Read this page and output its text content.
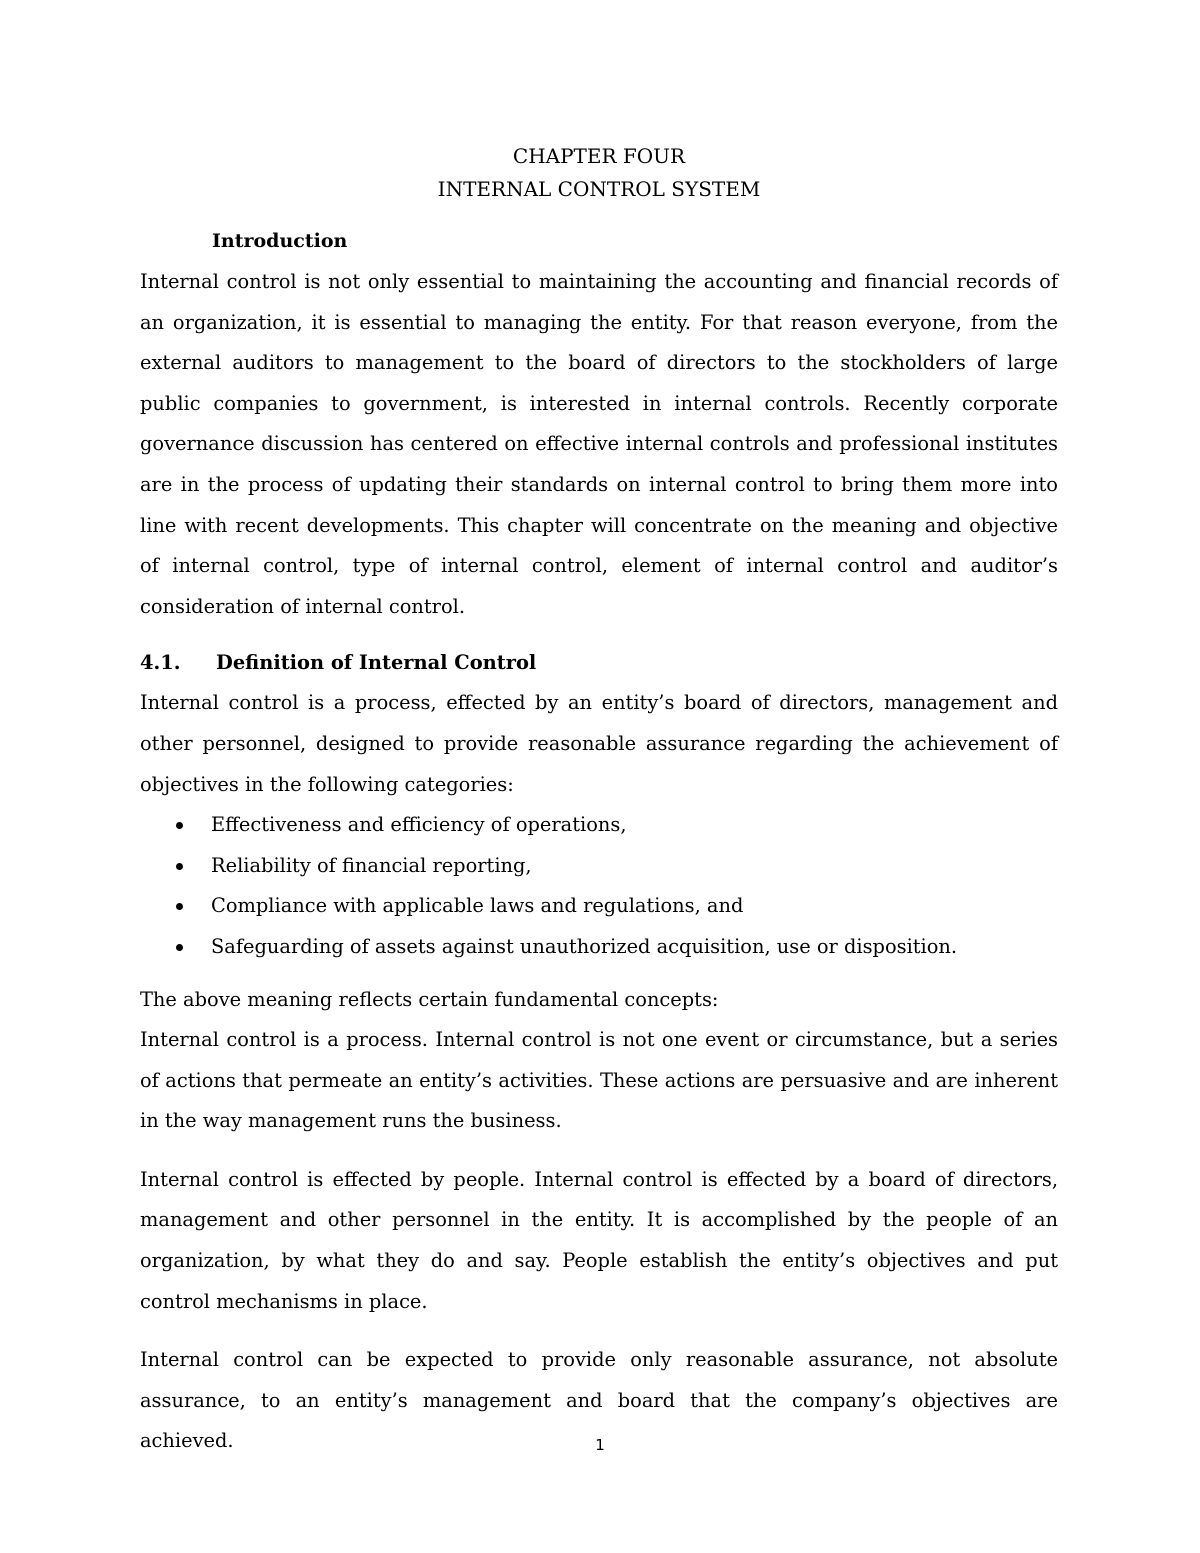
CHAPTER FOUR
INTERNAL CONTROL SYSTEM
Introduction

Internal control is not only essential to maintaining the accounting and financial records of an organization, it is essential to managing the entity. For that reason everyone, from the external auditors to management to the board of directors to the stockholders of large public companies to government, is interested in internal controls. Recently corporate governance discussion has centered on effective internal controls and professional institutes are in the process of updating their standards on internal control to bring them more into line with recent developments. This chapter will concentrate on the meaning and objective of internal control, type of internal control, element of internal control and auditor’s consideration of internal control.

4.1.	Definition of Internal Control

Internal control is a process, effected by an entity’s board of directors, management and other personnel, designed to provide reasonable assurance regarding the achievement of objectives in the following categories:

Effectiveness and efficiency of operations,
Reliability of financial reporting,
Compliance with applicable laws and regulations, and
Safeguarding of assets against unauthorized acquisition, use or disposition.

The above meaning reflects certain fundamental concepts:

Internal control is a process. Internal control is not one event or circumstance, but a series of actions that permeate an entity’s activities. These actions are persuasive and are inherent in the way management runs the business.

Internal control is effected by people. Internal control is effected by a board of directors, management and other personnel in the entity. It is accomplished by the people of an organization, by what they do and say. People establish the entity’s objectives and put control mechanisms in place.

Internal control can be expected to provide only reasonable assurance, not absolute assurance, to an entity’s management and board that the company’s objectives are achieved.	1
